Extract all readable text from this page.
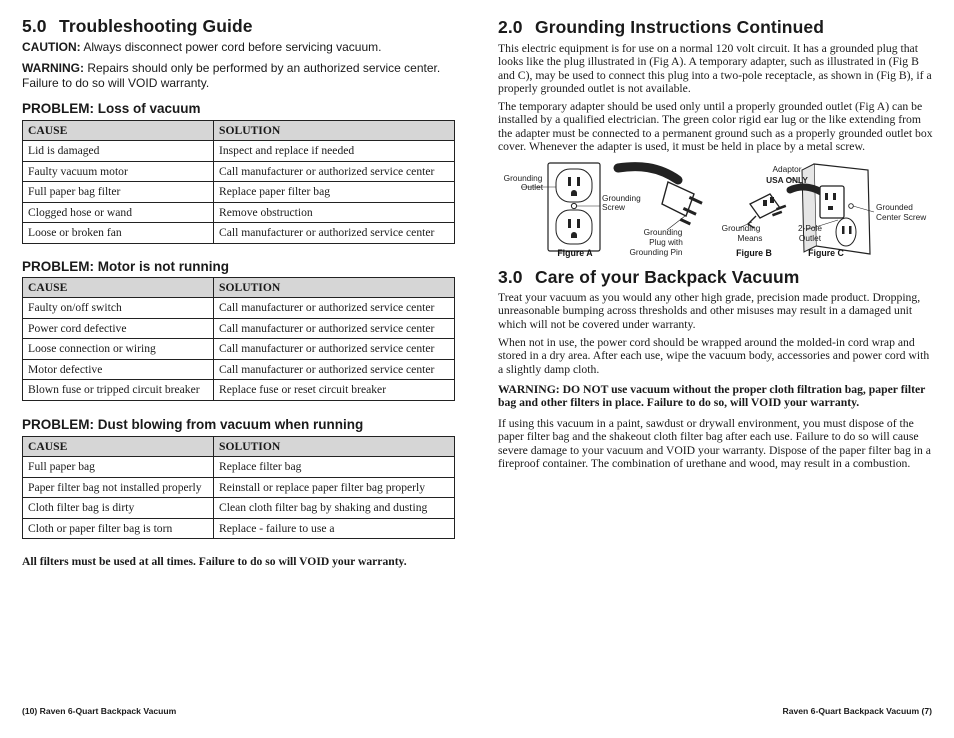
5.0 Troubleshooting Guide

CAUTION: Always disconnect power cord before servicing vacuum.

WARNING: Repairs should only be performed by an authorized service center. Failure to do so will VOID warranty.

PROBLEM: Loss of vacuum
CAUSE	SOLUTION
Lid is damaged	Inspect and replace if needed
Faulty vacuum motor	Call manufacturer or authorized service center
Full paper bag filter	Replace paper filter bag
Clogged hose or wand	Remove obstruction
Loose or broken fan	Call manufacturer or authorized service center
PROBLEM: Motor is not running
CAUSE	SOLUTION
Faulty on/off switch	Call manufacturer or authorized service center
Power cord defective	Call manufacturer or authorized service center
Loose connection or wiring	Call manufacturer or authorized service center
Motor defective	Call manufacturer or authorized service center
Blown fuse or tripped circuit breaker	Replace fuse or reset circuit breaker
PROBLEM: Dust blowing from vacuum when running
CAUSE	SOLUTION
Full paper bag	Replace filter bag
Paper filter bag not installed properly	Reinstall or replace paper filter bag properly
Cloth filter bag is dirty	Clean cloth filter bag by shaking and dusting
Cloth or paper filter bag is torn	Replace - failure to use a

All filters must be used at all times. Failure to do so will VOID your warranty.

(10) Raven 6-Quart Backpack Vacuum

2.0 Grounding Instructions Continued

This electric equipment is for use on a normal 120 volt circuit. It has a grounded plug that looks like the plug illustrated in (Fig A). A temporary adapter, such as illustrated in (Fig B and C), may be used to connect this plug into a two-pole receptacle, as shown in (Fig B), if a properly grounded outlet is not available.

The temporary adapter should be used only until a properly grounded outlet (Fig A) can be installed by a qualified electrician. The green color rigid ear lug or the like extending from the adapter must be connected to a permanent ground such as a properly grounded outlet box cover. Whenever the adapter is used, it must be held in place by a metal screw.

Grounding
Outlet
Grounding
Screw
Grounding
Plug with
Grounding Pin
Adaptor
USA ONLY
Grounding
Means
2-Pole
Outlet
Grounded
Center Screw
Figure A	Figure B	Figure C
3.0 Care of your Backpack Vacuum

Treat your vacuum as you would any other high grade, precision made product. Dropping, unreasonable bumping across thresholds and other misuses may result in a damaged unit which will not be covered under warranty.

When not in use, the power cord should be wrapped around the molded-in cord wrap and stored in a dry area. After each use, wipe the vacuum body, accessories and power cord with a slightly damp cloth.

WARNING: DO NOT use vacuum without the proper cloth filtration bag, paper filter bag and other filters in place. Failure to do so, will VOID your warranty.

If using this vacuum in a paint, sawdust or drywall environment, you must dispose of the paper filter bag and the shakeout cloth filter bag after each use. Failure to do so will cause severe damage to your vacuum and VOID your warranty. Dispose of the paper filter bag in a fireproof container. The combination of urethane and wood, may result in a combustion.

Raven 6-Quart Backpack Vacuum (7)
